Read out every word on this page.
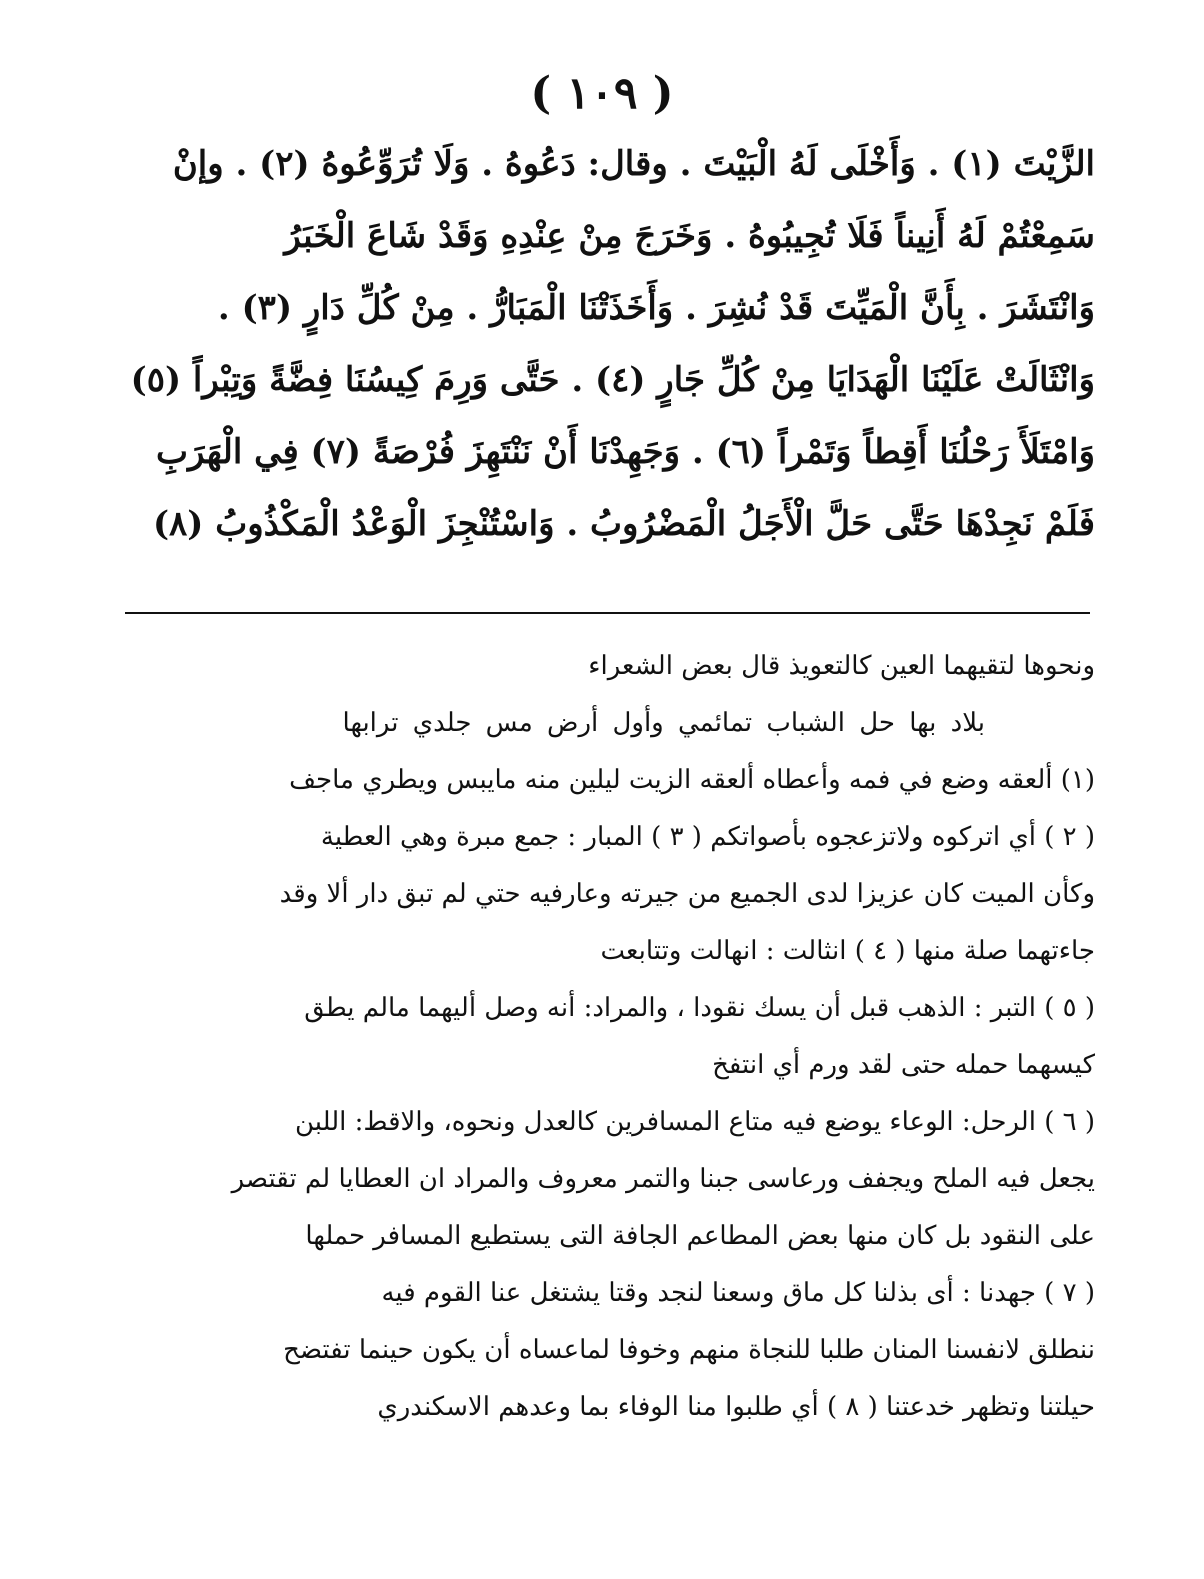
( ١٠٩ )
الزَّيْتَ (١) . وَأَخْلَى لَهُ الْبَيْتَ . وقال: دَعُوهُ . وَلَا تُرَوِّعُوهُ (٢) . وإنْ
سَمِعْتُمْ لَهُ أَنِيناً فَلَا تُجِيبُوهُ . وَخَرَجَ مِنْ عِنْدِهِ وَقَدْ شَاعَ الْخَبَرُ
وَانْتَشَرَ . بِأَنَّ الْمَيِّتَ قَدْ نُشِرَ . وَأَخَذَتْنَا الْمَبَارُّ . مِنْ كُلِّ دَارٍ (٣) .
وَانْثَالَتْ عَلَيْنَا الْهَدَايَا مِنْ كُلِّ جَارٍ (٤) . حَتَّى وَرِمَ كِيسُنَا فِضَّةً وَتِبْراً (٥)
وَامْتَلَأَ رَحْلُنَا أَقِطاً وَتَمْراً (٦) . وَجَهِدْنَا أَنْ نَنْتَهِزَ فُرْصَةً (٧) فِي الْهَرَبِ
فَلَمْ نَجِدْهَا حَتَّى حَلَّ الْأَجَلُ الْمَضْرُوبُ . وَاسْتُنْجِزَ الْوَعْدُ الْمَكْذُوبُ (٨)
ونحوها لتقيهما العين كالتعويذ قال بعض الشعراء
بلاد بها حل الشباب تمائمي وأول أرض مس جلدي ترابها
(١) ألعقه وضع في فمه وأعطاه ألعقه الزيت ليلين منه مايبس ويطري ماجف
( ٢ ) أي اتركوه ولاتزعجوه بأصواتكم ( ٣ ) المبار : جمع مبرة وهي العطية
وكأن الميت كان عزيزا لدى الجميع من جيرته وعارفيه حتي لم تبق دار ألا وقد
جاءتهما صلة منها ( ٤ ) انثالت : انهالت وتتابعت
( ٥ ) التبر : الذهب قبل أن يسك نقودا ، والمراد: أنه وصل أليهما مالم يطق
كيسهما حمله حتى لقد ورم أي انتفخ
( ٦ ) الرحل: الوعاء يوضع فيه متاع المسافرين كالعدل ونحوه، والاقط: اللبن
يجعل فيه الملح ويجفف ورعاسى جبنا والتمر معروف والمراد ان العطايا لم تقتصر
على النقود بل كان منها بعض المطاعم الجافة التى يستطيع المسافر حملها
( ٧ ) جهدنا : أى بذلنا كل ماق وسعنا لنجد وقتا يشتغل عنا القوم فيه
ننطلق لانفسنا المنان طلبا للنجاة منهم وخوفا لماعساه أن يكون حينما تفتضح
حيلتنا وتظهر خدعتنا ( ٨ ) أي طلبوا منا الوفاء بما وعدهم الاسكندري
